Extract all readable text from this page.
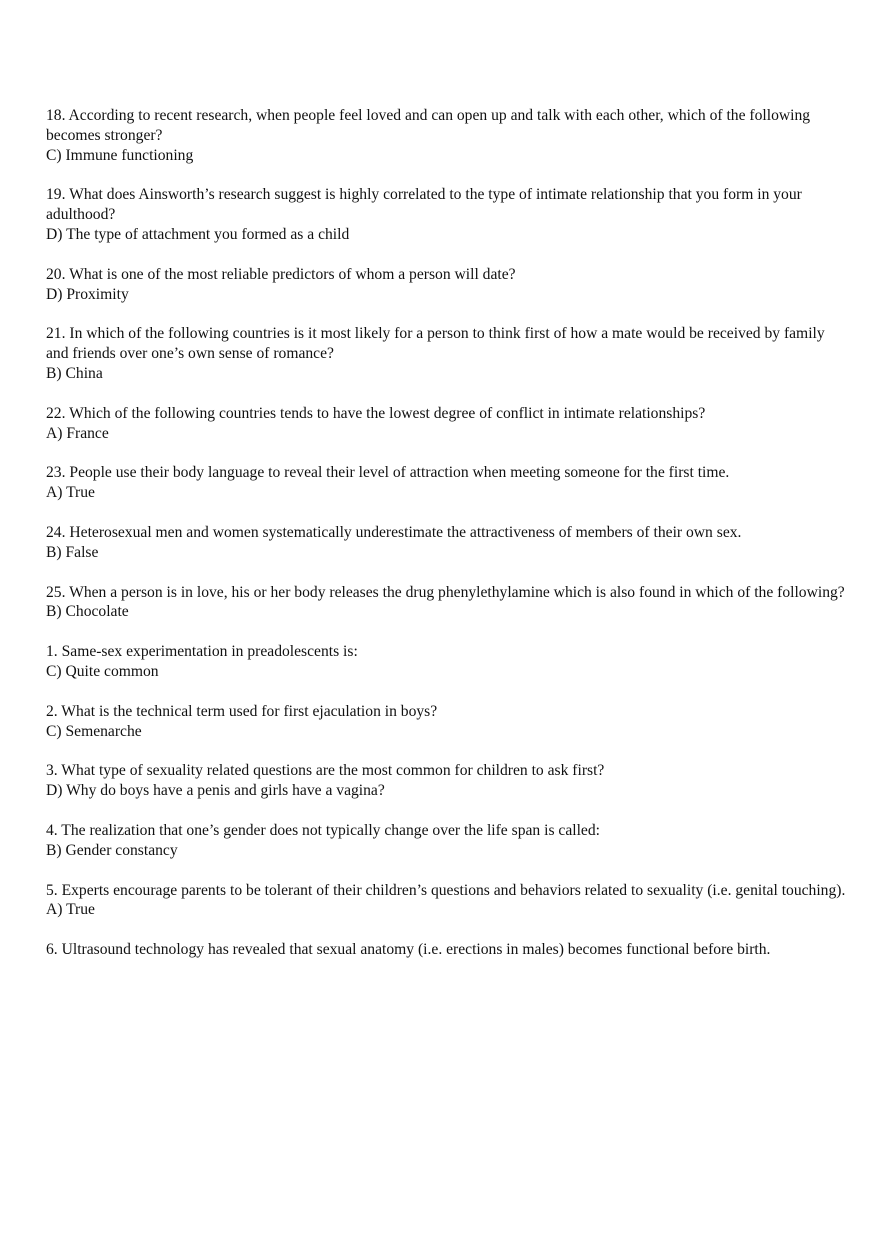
18. According to recent research, when people feel loved and can open up and talk with each other, which of the following becomes stronger?

C) Immune functioning

19. What does Ainsworth’s research suggest is highly correlated to the type of intimate relationship that you form in your adulthood?

D) The type of attachment you formed as a child

20. What is one of the most reliable predictors of whom a person will date?

D) Proximity

21. In which of the following countries is it most likely for a person to think first of how a mate would be received by family and friends over one’s own sense of romance?

B) China

22. Which of the following countries tends to have the lowest degree of conflict in intimate relationships?

A) France

23. People use their body language to reveal their level of attraction when meeting someone for the first time.

A) True

24. Heterosexual men and women systematically underestimate the attractiveness of members of their own sex.

B) False

25. When a person is in love, his or her body releases the drug phenylethylamine which is also found in which of the following?

B) Chocolate

1. Same-sex experimentation in preadolescents is:

C) Quite common

2. What is the technical term used for first ejaculation in boys?

C) Semenarche

3. What type of sexuality related questions are the most common for children to ask first?

D) Why do boys have a penis and girls have a vagina?

4. The realization that one’s gender does not typically change over the life span is called:

B) Gender constancy

5. Experts encourage parents to be tolerant of their children’s questions and behaviors related to sexuality (i.e. genital touching).

A) True

6. Ultrasound technology has revealed that sexual anatomy (i.e. erections in males) becomes functional before birth.
